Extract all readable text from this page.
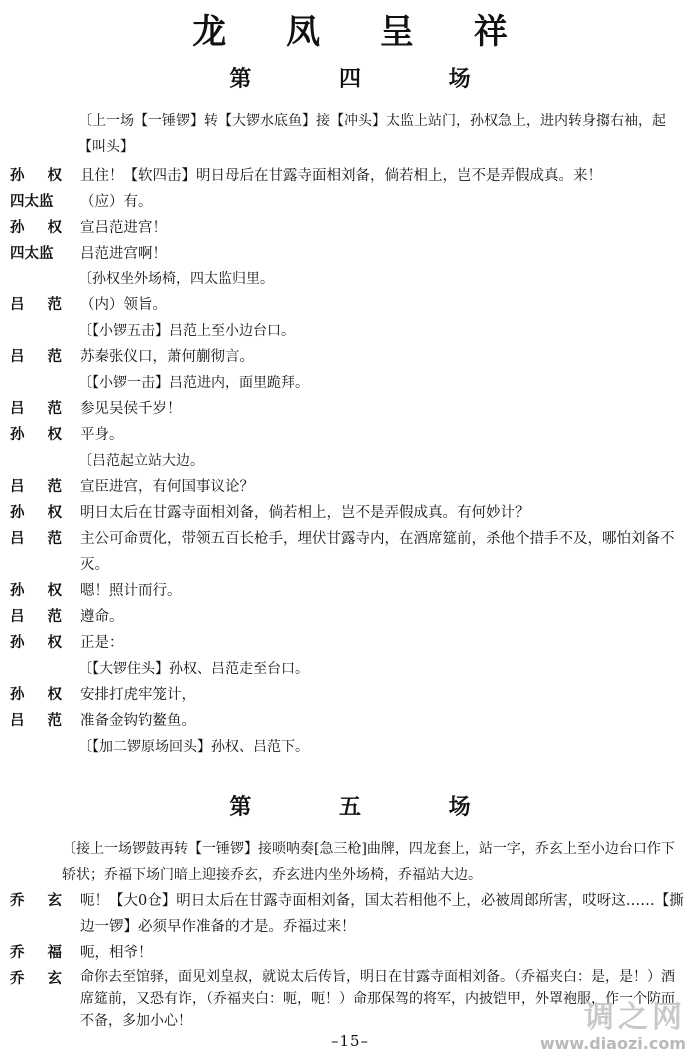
龙 凤 呈 祥
第 四 场
〔上一场【一锤锣】转【大锣水底鱼】接【冲头】太监上站门，孙权急上，进内转身搊右袖，起【叫头】
孙 权 且住！【软四击】明日母后在甘露寺面相刘备，倘若相上，岂不是弄假成真。来！
四太监	（应）有。
孙 权 宣吕范进宫！
四太监	吕范进宫啊！
〔孙权坐外场椅，四太监归里。
吕 范 （内）领旨。
〔【小锣五击】吕范上至小边台口。
吕 范 苏秦张仪口，萧何蒯彻言。
〔【小锣一击】吕范进内，面里跪拜。
吕 范 参见吴侯千岁！
孙 权 平身。
〔吕范起立站大边。
吕 范 宣臣进宫，有何国事议论？
孙 权 明日太后在甘露寺面相刘备，倘若相上，岂不是弄假成真。有何妙计？
吕 范 主公可命贾化，带领五百长枪手，埋伏甘露寺内，在酒席筵前，杀他个措手不及，哪怕刘备不灭。
孙 权 嗯！照计而行。
吕 范 遵命。
孙 权 正是：
〔【大锣住头】孙权、吕范走至台口。
孙 权 安排打虎牢笼计，
吕 范 准备金钩钓鳌鱼。
〔【加二锣原场回头】孙权、吕范下。
第 五 场
〔接上一场锣鼓再转【一锤锣】接唢呐奏[急三枪]曲牌，四龙套上，站一字，乔玄上至小边台口作下轿状；乔福下场门暗上迎接乔玄，乔玄进内坐外场椅，乔福站大边。
乔 玄 呃！【大0仓】明日太后在甘露寺面相刘备，国太若相他不上，必被周郎所害，哎呀这……【撕边一锣】必须早作准备的才是。乔福过来！
乔 福 呃，相爷！
乔 玄 命你去至馆驿，面见刘皇叔，就说太后传旨，明日在甘露寺面相刘备。（乔福夹白：是，是！）酒席筵前，又恐有诈，（乔福夹白：呃，呃！）命那保驾的将军，内披铠甲，外罩袍服，作一个防而不备，多加小心！
–15–
调之网
www.diaozi.com
